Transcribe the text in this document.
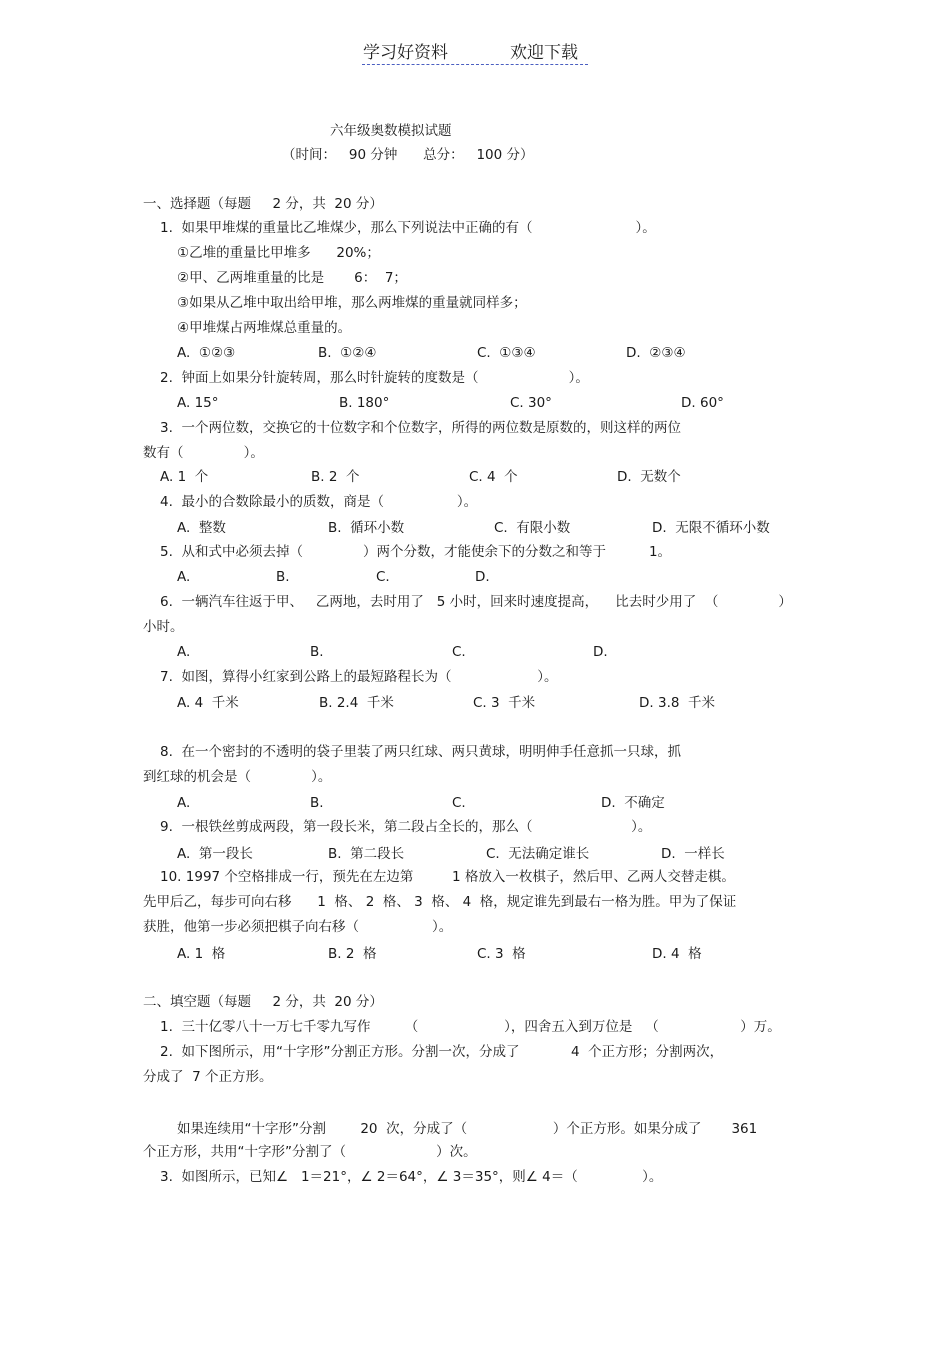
学习好资料	欢迎下载
六年级奥数模拟试题
（时间：   90 分钟      总分：   100 分）
一、选择题（每题     2 分，共  20 分）
1.  如果甲堆煤的重量比乙堆煤少，那么下列说法中正确的有（                        ）。
①乙堆的重量比甲堆多      20%；
②甲、乙两堆重量的比是       6：  7；
③如果从乙堆中取出给甲堆，那么两堆煤的重量就同样多；
④甲堆煤占两堆煤总重量的。
A.  ①②③	B.  ①②④	C.  ①③④	D.  ②③④
2.  钟面上如果分针旋转周，那么时针旋转的度数是（                     ）。
A. 15°	B. 180°	C. 30°	D. 60°
3.  一个两位数，交换它的十位数字和个位数字，所得的两位数是原数的，则这样的两位
数有（              ）。
A. 1  个	B. 2  个	C. 4  个	D.  无数个
4.  最小的合数除最小的质数，商是（                 ）。
A.  整数	B.  循环小数	C.  有限小数	D.  无限不循环小数
5.  从和式中必须去掉（              ）两个分数，才能使余下的分数之和等于          1。
A.	B.	C.	D.
6.  一辆汽车往返于甲、   乙两地，去时用了   5 小时，回来时速度提高，    比去时少用了  （              ）
小时。
A.	B.	C.	D.
7.  如图，算得小红家到公路上的最短路程长为（                    ）。
A. 4  千米	B. 2.4  千米	C. 3  千米	D. 3.8  千米
8.  在一个密封的不透明的袋子里装了两只红球、两只黄球，明明伸手任意抓一只球，抓
到红球的机会是（              ）。
A.	B.	C.	D.  不确定
9.  一根铁丝剪成两段，第一段长米，第二段占全长的，那么（                       ）。
A.  第一段长	B.  第二段长	C.  无法确定谁长	D.  一样长
10. 1997 个空格排成一行，预先在左边第         1 格放入一枚棋子，然后甲、乙两人交替走棋。
先甲后乙，每步可向右移      1  格、 2  格、 3  格、 4  格，规定谁先到最右一格为胜。甲为了保证
获胜，他第一步必须把棋子向右移（                 ）。
A. 1  格	B. 2  格	C. 3  格	D. 4  格
二、填空题（每题     2 分，共  20 分）
1.  三十亿零八十一万七千零九写作        （                    ），四舍五入到万位是   （                   ）万。
2.  如下图所示，用“十字形”分割正方形。分割一次，分成了            4  个正方形；分割两次，
分成了  7 个正方形。
如果连续用“十字形”分割        20  次，分成了（                    ）个正方形。如果分成了       361
个正方形，共用“十字形”分割了（                     ）次。
3.  如图所示，已知∠   1＝21°，∠ 2＝64°，∠ 3＝35°，则∠ 4＝（               ）。
